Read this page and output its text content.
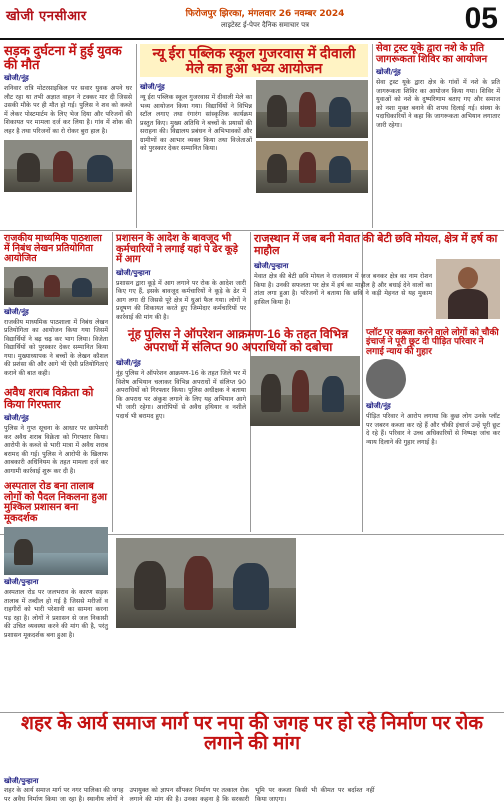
खोजी एनसीआर	फिरोजपुर झिरका, मंगलवार 26 नवम्बर 2024
लाइटेस्ट ई-पेपर दैनिक समाचार पत्र	05
सड़क दुर्घटना में हुई युवक की मौत
खोजी/नूंह
शनिवार रात्रि मोटरसाइकिल पर सवार युवक अपने घर लौट रहा था तभी अज्ञात वाहन ने टक्कर मार दी जिससे उसकी मौके पर ही मौत हो गई। पुलिस ने शव को कब्जे में लेकर पोस्टमार्टम के लिए भेज दिया और परिजनों की शिकायत पर मामला दर्ज कर लिया है। गांव में शोक की लहर है तथा परिजनों का रो रोकर बुरा हाल है।
न्यू ईरा पब्लिक स्कूल गुजरवास में दीवाली मेले का हुआ भव्य आयोजन
खोजी/नूंह
न्यू ईरा पब्लिक स्कूल गुजरवास में दीवाली मेले का भव्य आयोजन किया गया। विद्यार्थियों ने विभिन्न स्टॉल लगाए तथा रंगारंग सांस्कृतिक कार्यक्रम प्रस्तुत किए। मुख्य अतिथि ने बच्चों के प्रयासों की सराहना की। विद्यालय प्रबंधन ने अभिभावकों और ग्रामीणों का आभार व्यक्त किया तथा विजेताओं को पुरस्कार देकर सम्मानित किया।
सेवा ट्रस्ट यूके द्वारा नशे के प्रति जागरूकता शिविर का आयोजन
खोजी/नूंह
सेवा ट्रस्ट यूके द्वारा क्षेत्र के गांवों में नशे के प्रति जागरूकता शिविर का आयोजन किया गया। शिविर में युवाओं को नशे के दुष्परिणाम बताए गए और समाज को नशा मुक्त बनाने की शपथ दिलाई गई। संस्था के पदाधिकारियों ने कहा कि जागरूकता अभियान लगातार जारी रहेगा।
राजकीय माध्यमिक पाठशाला में निबंध लेखन प्रतियोगिता आयोजित
खोजी/नूंह
राजकीय माध्यमिक पाठशाला में निबंध लेखन प्रतियोगिता का आयोजन किया गया जिसमें विद्यार्थियों ने बढ़ चढ़ कर भाग लिया। विजेता विद्यार्थियों को पुरस्कार देकर सम्मानित किया गया। मुख्याध्यापक ने बच्चों के लेखन कौशल की प्रशंसा की और आगे भी ऐसी प्रतियोगिताएं कराने की बात कही।
प्रशासन के आदेश के बावजूद भी कर्मचारियों ने लगाई यहां पे ढेर कूड़े में आग
खोजी/पुन्हाना
प्रशासन द्वारा कूड़े में आग लगाने पर रोक के आदेश जारी किए गए हैं, इसके बावजूद कर्मचारियों ने कूड़े के ढेर में आग लगा दी जिससे पूरे क्षेत्र में धुआं फैल गया। लोगों ने प्रदूषण की शिकायत करते हुए जिम्मेदार कर्मचारियों पर कार्रवाई की मांग की है।
राजस्थान में जब बनी मेवात की बेटी छवि मोयल, क्षेत्र में हर्ष का माहौल
खोजी/पुन्हाना
मेवात क्षेत्र की बेटी छवि मोयल ने राजस्थान में जज बनकर क्षेत्र का नाम रोशन किया है। उनकी सफलता पर क्षेत्र में हर्ष का माहौल है और बधाई देने वालों का तांता लगा हुआ है। परिजनों ने बताया कि छवि ने कड़ी मेहनत से यह मुकाम हासिल किया है।
अवैध शराब विक्रेता को किया गिरफ्तार
खोजी/नूंह
पुलिस ने गुप्त सूचना के आधार पर छापेमारी कर अवैध शराब विक्रेता को गिरफ्तार किया। आरोपी के कब्जे से भारी मात्रा में अवैध शराब बरामद की गई। पुलिस ने आरोपी के खिलाफ आबकारी अधिनियम के तहत मामला दर्ज कर आगामी कार्रवाई शुरू कर दी है।
नूंह पुलिस ने ऑपरेशन आक्रमण-16 के तहत विभिन्न अपराधों में संलिप्त 90 अपराधियों को दबोचा
खोजी/नूंह
नूंह पुलिस ने ऑपरेशन आक्रमण-16 के तहत जिले भर में विशेष अभियान चलाकर विभिन्न अपराधों में संलिप्त 90 अपराधियों को गिरफ्तार किया। पुलिस अधीक्षक ने बताया कि अपराध पर अंकुश लगाने के लिए यह अभियान आगे भी जारी रहेगा। आरोपियों से अवैध हथियार व नशीले पदार्थ भी बरामद हुए।
प्लॉट पर कब्जा करने वाले लोगों को चौकी इंचार्ज ने पूरी छूट दी पीड़ित परिवार ने लगाई न्याय की गुहार
खोजी/नूंह
पीड़ित परिवार ने आरोप लगाया कि कुछ लोग उनके प्लॉट पर जबरन कब्जा कर रहे हैं और चौकी इंचार्ज उन्हें पूरी छूट दे रहे हैं। परिवार ने उच्च अधिकारियों से निष्पक्ष जांच कर न्याय दिलाने की गुहार लगाई है।
अस्पताल रोड बना तालाब लोगों को पैदल निकलना हुआ मुश्किल प्रशासन बना मूकदर्शक
खोजी/पुन्हाना
अस्पताल रोड पर जलभराव के कारण सड़क तालाब में तब्दील हो गई है जिससे मरीजों व राहगीरों को भारी परेशानी का सामना करना पड़ रहा है। लोगों ने प्रशासन से जल निकासी की उचित व्यवस्था करने की मांग की है, परंतु प्रशासन मूकदर्शक बना हुआ है।
शहर के आर्य समाज मार्ग पर नपा की जगह पर हो रहे निर्माण पर रोक लगाने की मांग
खोजी/पुन्हाना
शहर के आर्य समाज मार्ग पर नगर पालिका की जगह पर अवैध निर्माण किया जा रहा है। स्थानीय लोगों ने उपायुक्त को ज्ञापन सौंपकर निर्माण पर तत्काल रोक लगाने की मांग की है। उनका कहना है कि सरकारी भूमि पर कब्जा किसी भी कीमत पर बर्दाश्त नहीं किया जाएगा।
